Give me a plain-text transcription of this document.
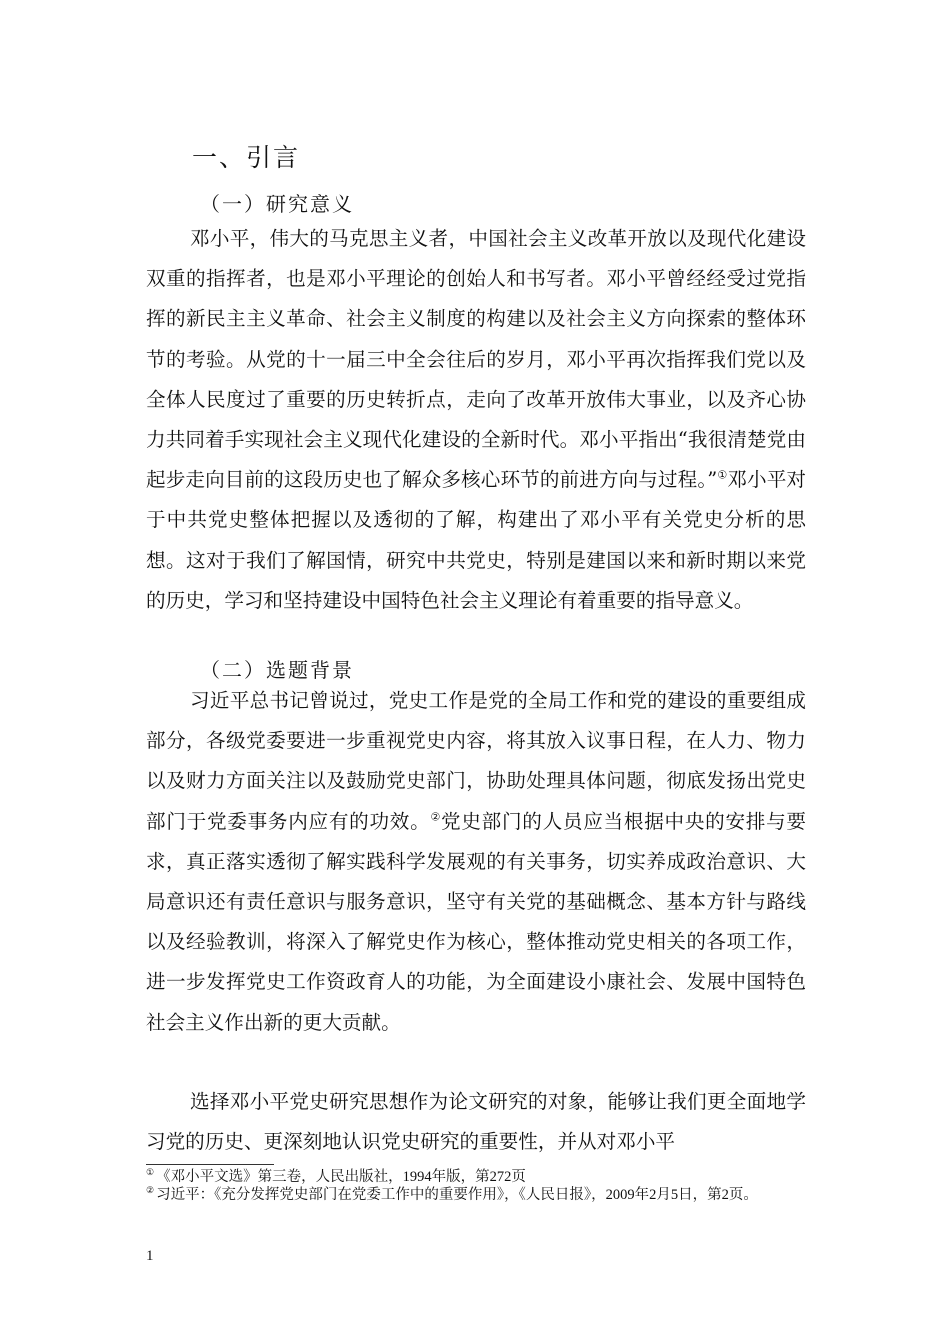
一、引言
（一）研究意义

邓小平，伟大的马克思主义者，中国社会主义改革开放以及现代化建设双重的指挥者，也是邓小平理论的创始人和书写者。邓小平曾经经受过党指挥的新民主主义革命、社会主义制度的构建以及社会主义方向探索的整体环节的考验。从党的十一届三中全会往后的岁月，邓小平再次指挥我们党以及全体人民度过了重要的历史转折点，走向了改革开放伟大事业，以及齐心协力共同着手实现社会主义现代化建设的全新时代。邓小平指出“我很清楚党由起步走向目前的这段历史也了解众多核心环节的前进方向与过程。”①邓小平对于中共党史整体把握以及透彻的了解，构建出了邓小平有关党史分析的思想。这对于我们了解国情，研究中共党史，特别是建国以来和新时期以来党的历史，学习和坚持建设中国特色社会主义理论有着重要的指导意义。

（二）选题背景

习近平总书记曾说过，党史工作是党的全局工作和党的建设的重要组成部分，各级党委要进一步重视党史内容，将其放入议事日程，在人力、物力以及财力方面关注以及鼓励党史部门，协助处理具体问题，彻底发扬出党史部门于党委事务内应有的功效。②党史部门的人员应当根据中央的安排与要求，真正落实透彻了解实践科学发展观的有关事务，切实养成政治意识、大局意识还有责任意识与服务意识，坚守有关党的基础概念、基本方针与路线以及经验教训，将深入了解党史作为核心，整体推动党史相关的各项工作，进一步发挥党史工作资政育人的功能，为全面建设小康社会、发展中国特色社会主义作出新的更大贡献。

选择邓小平党史研究思想作为论文研究的对象，能够让我们更全面地学习党的历史、更深刻地认识党史研究的重要性，并从对邓小平

① 《邓小平文选》第三卷，人民出版社，1994年版，第272页

② 习近平：《充分发挥党史部门在党委工作中的重要作用》，《人民日报》，2009年2月5日，第2页。

1
